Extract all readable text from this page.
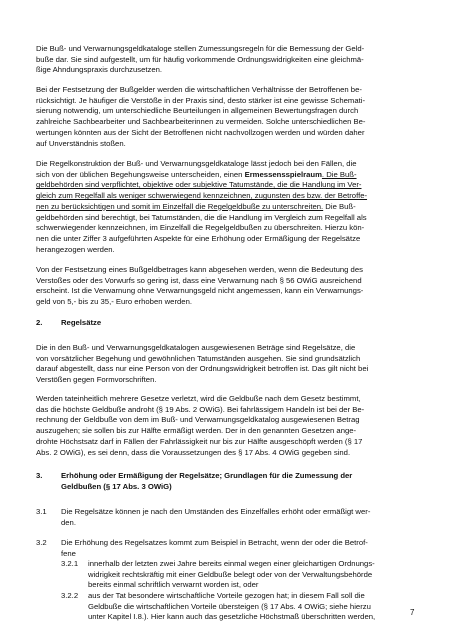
Die Buß- und Verwarnungsgeldkataloge stellen Zumessungsregeln für die Bemessung der Geld-
buße dar. Sie sind aufgestellt, um für häufig vorkommende Ordnungswidrigkeiten eine gleichmä-
ßige Ahndungspraxis durchzusetzen.
Bei der Festsetzung der Bußgelder werden die wirtschaftlichen Verhältnisse der Betroffenen be-
rücksichtigt. Je häufiger die Verstöße in der Praxis sind, desto stärker ist eine gewisse Schemati-
sierung notwendig, um unterschiedliche Beurteilungen in allgemeinen Bewertungsfragen durch
zahlreiche Sachbearbeiter und Sachbearbeiterinnen zu vermeiden. Solche unterschiedlichen Be-
wertungen könnten aus der Sicht der Betroffenen nicht nachvollzogen werden und würden daher
auf Unverständnis stoßen.
Die Regelkonstruktion der Buß- und Verwarnungsgeldkataloge lässt jedoch bei den Fällen, die
sich von der üblichen Begehungsweise unterscheiden, einen Ermessensspielraum. Die Buß-
geldbehörden sind verpflichtet, objektive oder subjektive Tatumstände, die die Handlung im Ver-
gleich zum Regelfall als weniger schwerwiegend kennzeichnen, zugunsten des bzw. der Betroffe-
nen zu berücksichtigen und somit im Einzelfall die Regelgeldbuße zu unterschreiten. Die Buß-
geldbehörden sind berechtigt, bei Tatumständen, die die Handlung im Vergleich zum Regelfall als
schwerwiegender kennzeichnen, im Einzelfall die Regelgeldbußen zu überschreiten. Hierzu kön-
nen die unter Ziffer 3 aufgeführten Aspekte für eine Erhöhung oder Ermäßigung der Regelsätze
herangezogen werden.
Von der Festsetzung eines Bußgeldbetrages kann abgesehen werden, wenn die Bedeutung des
Verstoßes oder des Vorwurfs so gering ist, dass eine Verwarnung nach § 56 OWiG ausreichend
erscheint. Ist die Verwarnung ohne Verwarnungsgeld nicht angemessen, kann ein Verwarnungs-
geld von 5,- bis zu 35,- Euro erhoben werden.
2. Regelsätze
Die in den Buß- und Verwarnungsgeldkatalogen ausgewiesenen Beträge sind Regelsätze, die
von vorsätzlicher Begehung und gewöhnlichen Tatumständen ausgehen. Sie sind grundsätzlich
darauf abgestellt, dass nur eine Person von der Ordnungswidrigkeit betroffen ist. Das gilt nicht bei
Verstößen gegen Formvorschriften.
Werden tateinheitlich mehrere Gesetze verletzt, wird die Geldbuße nach dem Gesetz bestimmt,
das die höchste Geldbuße androht (§ 19 Abs. 2 OWiG). Bei fahrlässigem Handeln ist bei der Be-
rechnung der Geldbuße von dem im Buß- und Verwarnungsgeldkatalog ausgewiesenen Betrag
auszugehen; sie sollen bis zur Hälfte ermäßigt werden. Der in den genannten Gesetzen ange-
drohte Höchstsatz darf in Fällen der Fahrlässigkeit nur bis zur Hälfte ausgeschöpft werden (§ 17
Abs. 2 OWiG), es sei denn, dass die Voraussetzungen des § 17 Abs. 4 OWiG gegeben sind.
3. Erhöhung oder Ermäßigung der Regelsätze; Grundlagen für die Zumessung der
Geldbußen (§ 17 Abs. 3 OWiG)
3.1 Die Regelsätze können je nach den Umständen des Einzelfalles erhöht oder ermäßigt wer-
den.
3.2 Die Erhöhung des Regelsatzes kommt zum Beispiel in Betracht, wenn der oder die Betrof-
fene
3.2.1 innerhalb der letzten zwei Jahre bereits einmal wegen einer gleichartigen Ordnungs-
widrigkeit rechtskräftig mit einer Geldbuße belegt oder von der Verwaltungsbehörde
bereits einmal schriftlich verwarnt worden ist, oder
3.2.2 aus der Tat besondere wirtschaftliche Vorteile gezogen hat; in diesem Fall soll die
Geldbuße die wirtschaftlichen Vorteile übersteigen (§ 17 Abs. 4 OWiG; siehe hierzu
unter Kapitel I.8.). Hier kann auch das gesetzliche Höchstmaß überschritten werden,	7
